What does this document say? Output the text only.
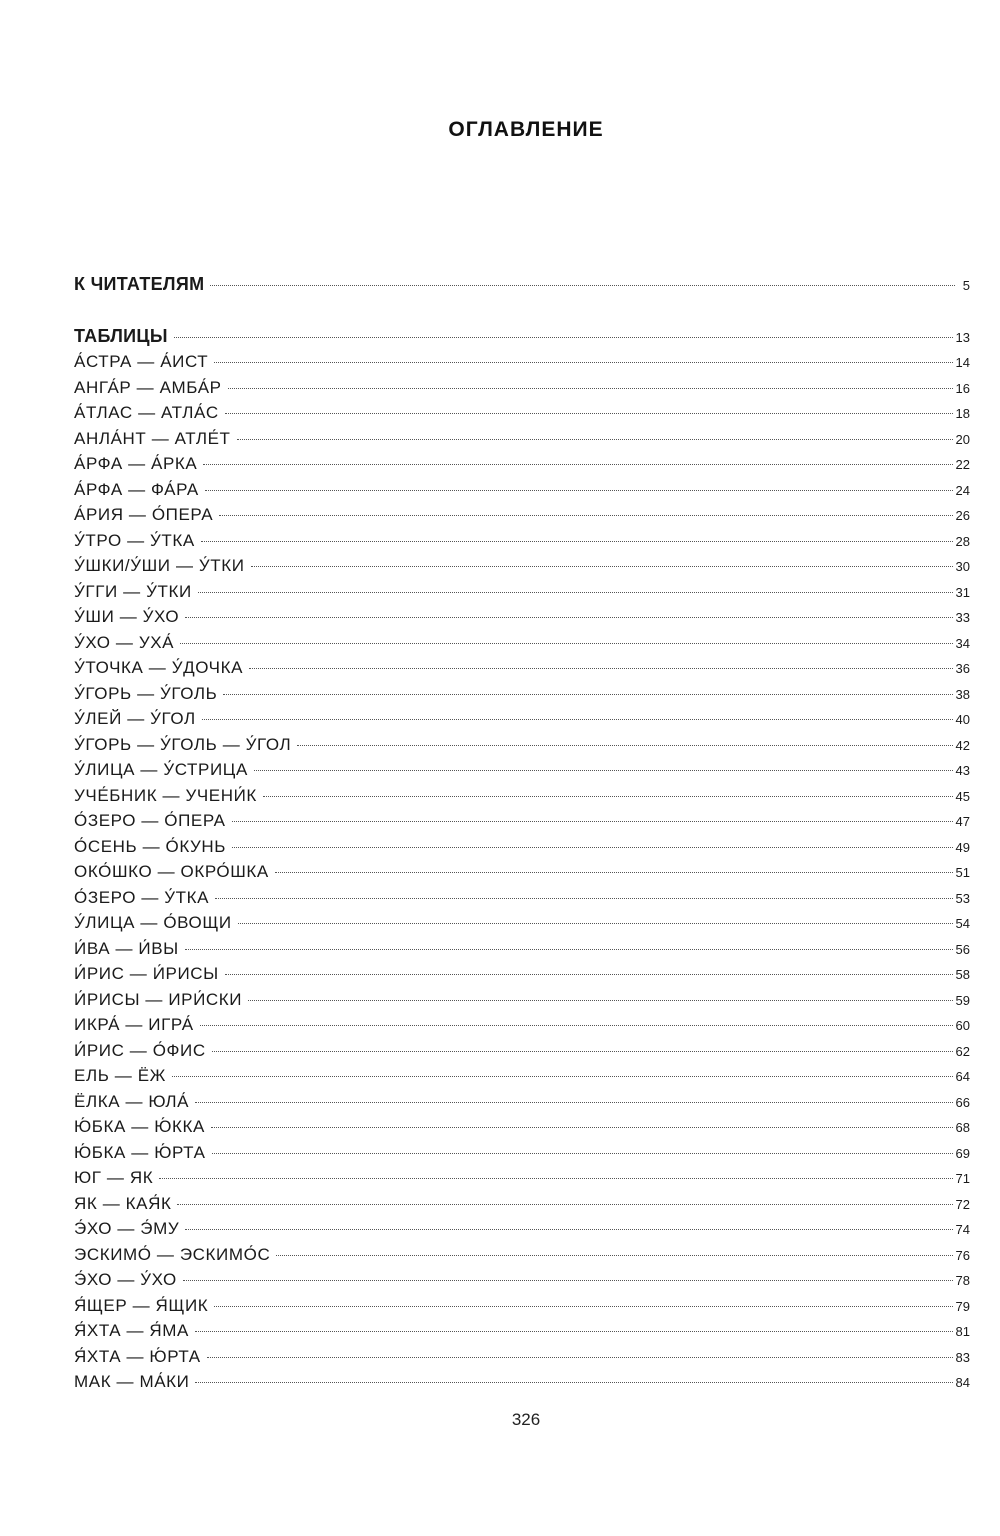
ОГЛАВЛЕНИЕ
К ЧИТАТЕЛЯМ	5
ТАБЛИЦЫ	13
А́СТРА — А́ИСТ	14
АНГА́Р — АМБА́Р	16
А́ТЛАС — АТЛА́С	18
АНЛА́НТ — АТЛЕ́Т	20
А́РФА — А́РКА	22
А́РФА — ФА́РА	24
А́РИЯ — О́ПЕРА	26
У́ТРО — У́ТКА	28
У́ШКИ/У́ШИ — У́ТКИ	30
У́ГГИ — У́ТКИ	31
У́ШИ — У́ХО	33
У́ХО — УХА́	34
У́ТОЧКА — У́ДОЧКА	36
У́ГОРЬ — У́ГОЛЬ	38
У́ЛЕЙ — У́ГОЛ	40
У́ГОРЬ — У́ГОЛЬ — У́ГОЛ	42
У́ЛИЦА — У́СТРИЦА	43
УЧЕ́БНИК — УЧЕНИ́К	45
О́ЗЕРО — О́ПЕРА	47
О́СЕНЬ — О́КУНЬ	49
ОКО́ШКО — ОКРО́ШКА	51
О́ЗЕРО — У́ТКА	53
У́ЛИЦА — О́ВОЩИ	54
И́ВА — И́ВЫ	56
И́РИС — И́РИСЫ	58
И́РИСЫ — ИРИ́СКИ	59
ИКРА́ — ИГРА́	60
И́РИС — О́ФИС	62
ЕЛЬ — ЁЖ	64
ЁЛКА — ЮЛА́	66
Ю́БКА — Ю́ККА	68
Ю́БКА — Ю́РТА	69
ЮГ — ЯК	71
ЯК — КАЯ́К	72
Э́ХО — Э́МУ	74
ЭСКИМО́ — ЭСКИМО́С	76
Э́ХО — У́ХО	78
Я́ЩЕР — Я́ЩИК	79
Я́ХТА — Я́МА	81
Я́ХТА — Ю́РТА	83
МАК — МА́КИ	84
326
